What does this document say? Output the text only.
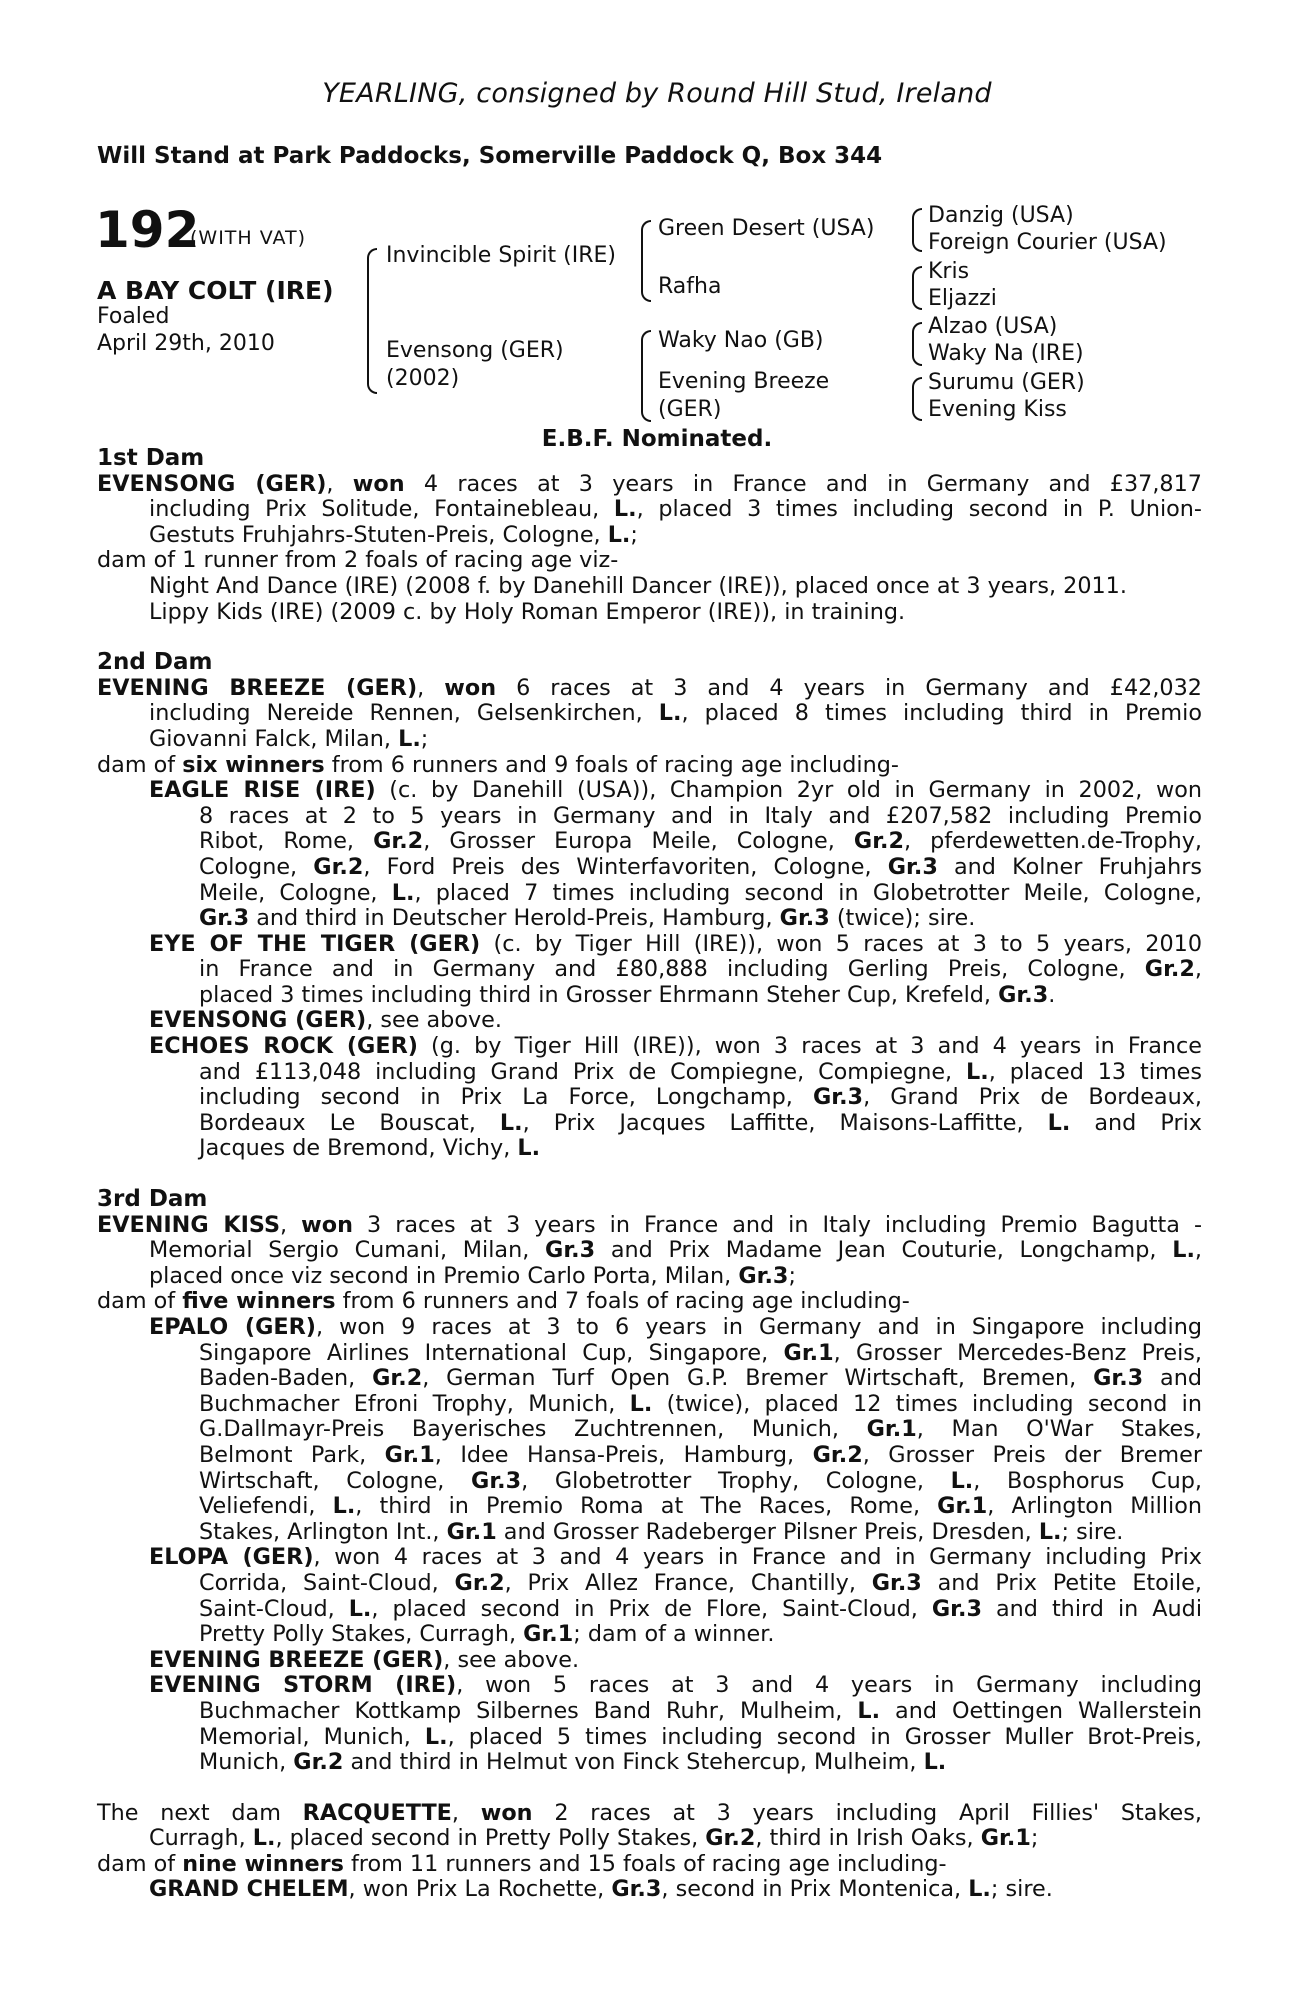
YEARLING, consigned by Round Hill Stud, Ireland
Will Stand at Park Paddocks, Somerville Paddock Q, Box 344
192
(WITH VAT)
A BAY COLT (IRE)
Foaled
April 29th, 2010
Invincible Spirit (IRE)
Evensong (GER)
(2002)
Green Desert (USA)
Rafha
Waky Nao (GB)
Evening Breeze
(GER)
Danzig (USA)
Foreign Courier (USA)
Kris
Eljazzi
Alzao (USA)
Waky Na (IRE)
Surumu (GER)
Evening Kiss
E.B.F. Nominated.

1st Dam

EVENSONG (GER), won 4 races at 3 years in France and in Germany and £37,817

including Prix Solitude, Fontainebleau, L., placed 3 times including second in P. Union-

Gestuts Fruhjahrs-Stuten-Preis, Cologne, L.;

dam of 1 runner from 2 foals of racing age viz-

Night And Dance (IRE) (2008 f. by Danehill Dancer (IRE)), placed once at 3 years, 2011.

Lippy Kids (IRE) (2009 c. by Holy Roman Emperor (IRE)), in training.

2nd Dam

EVENING BREEZE (GER), won 6 races at 3 and 4 years in Germany and £42,032

including Nereide Rennen, Gelsenkirchen, L., placed 8 times including third in Premio

Giovanni Falck, Milan, L.;

dam of six winners from 6 runners and 9 foals of racing age including-

EAGLE RISE (IRE) (c. by Danehill (USA)), Champion 2yr old in Germany in 2002, won

8 races at 2 to 5 years in Germany and in Italy and £207,582 including Premio

Ribot, Rome, Gr.2, Grosser Europa Meile, Cologne, Gr.2, pferdewetten.de-Trophy,

Cologne, Gr.2, Ford Preis des Winterfavoriten, Cologne, Gr.3 and Kolner Fruhjahrs

Meile, Cologne, L., placed 7 times including second in Globetrotter Meile, Cologne,

Gr.3 and third in Deutscher Herold-Preis, Hamburg, Gr.3 (twice); sire.

EYE OF THE TIGER (GER) (c. by Tiger Hill (IRE)), won 5 races at 3 to 5 years, 2010

in France and in Germany and £80,888 including Gerling Preis, Cologne, Gr.2,

placed 3 times including third in Grosser Ehrmann Steher Cup, Krefeld, Gr.3.

EVENSONG (GER), see above.

ECHOES ROCK (GER) (g. by Tiger Hill (IRE)), won 3 races at 3 and 4 years in France

and £113,048 including Grand Prix de Compiegne, Compiegne, L., placed 13 times

including second in Prix La Force, Longchamp, Gr.3, Grand Prix de Bordeaux,

Bordeaux Le Bouscat, L., Prix Jacques Laffitte, Maisons-Laffitte, L. and Prix

Jacques de Bremond, Vichy, L.

3rd Dam

EVENING KISS, won 3 races at 3 years in France and in Italy including Premio Bagutta -

Memorial Sergio Cumani, Milan, Gr.3 and Prix Madame Jean Couturie, Longchamp, L.,

placed once viz second in Premio Carlo Porta, Milan, Gr.3;

dam of five winners from 6 runners and 7 foals of racing age including-

EPALO (GER), won 9 races at 3 to 6 years in Germany and in Singapore including

Singapore Airlines International Cup, Singapore, Gr.1, Grosser Mercedes-Benz Preis,

Baden-Baden, Gr.2, German Turf Open G.P. Bremer Wirtschaft, Bremen, Gr.3 and

Buchmacher Efroni Trophy, Munich, L. (twice), placed 12 times including second in

G.Dallmayr-Preis Bayerisches Zuchtrennen, Munich, Gr.1, Man O'War Stakes,

Belmont Park, Gr.1, Idee Hansa-Preis, Hamburg, Gr.2, Grosser Preis der Bremer

Wirtschaft, Cologne, Gr.3, Globetrotter Trophy, Cologne, L., Bosphorus Cup,

Veliefendi, L., third in Premio Roma at The Races, Rome, Gr.1, Arlington Million

Stakes, Arlington Int., Gr.1 and Grosser Radeberger Pilsner Preis, Dresden, L.; sire.

ELOPA (GER), won 4 races at 3 and 4 years in France and in Germany including Prix

Corrida, Saint-Cloud, Gr.2, Prix Allez France, Chantilly, Gr.3 and Prix Petite Etoile,

Saint-Cloud, L., placed second in Prix de Flore, Saint-Cloud, Gr.3 and third in Audi

Pretty Polly Stakes, Curragh, Gr.1; dam of a winner.

EVENING BREEZE (GER), see above.

EVENING STORM (IRE), won 5 races at 3 and 4 years in Germany including

Buchmacher Kottkamp Silbernes Band Ruhr, Mulheim, L. and Oettingen Wallerstein

Memorial, Munich, L., placed 5 times including second in Grosser Muller Brot-Preis,

Munich, Gr.2 and third in Helmut von Finck Stehercup, Mulheim, L.

The next dam RACQUETTE, won 2 races at 3 years including April Fillies' Stakes,

Curragh, L., placed second in Pretty Polly Stakes, Gr.2, third in Irish Oaks, Gr.1;

dam of nine winners from 11 runners and 15 foals of racing age including-

GRAND CHELEM, won Prix La Rochette, Gr.3, second in Prix Montenica, L.; sire.
